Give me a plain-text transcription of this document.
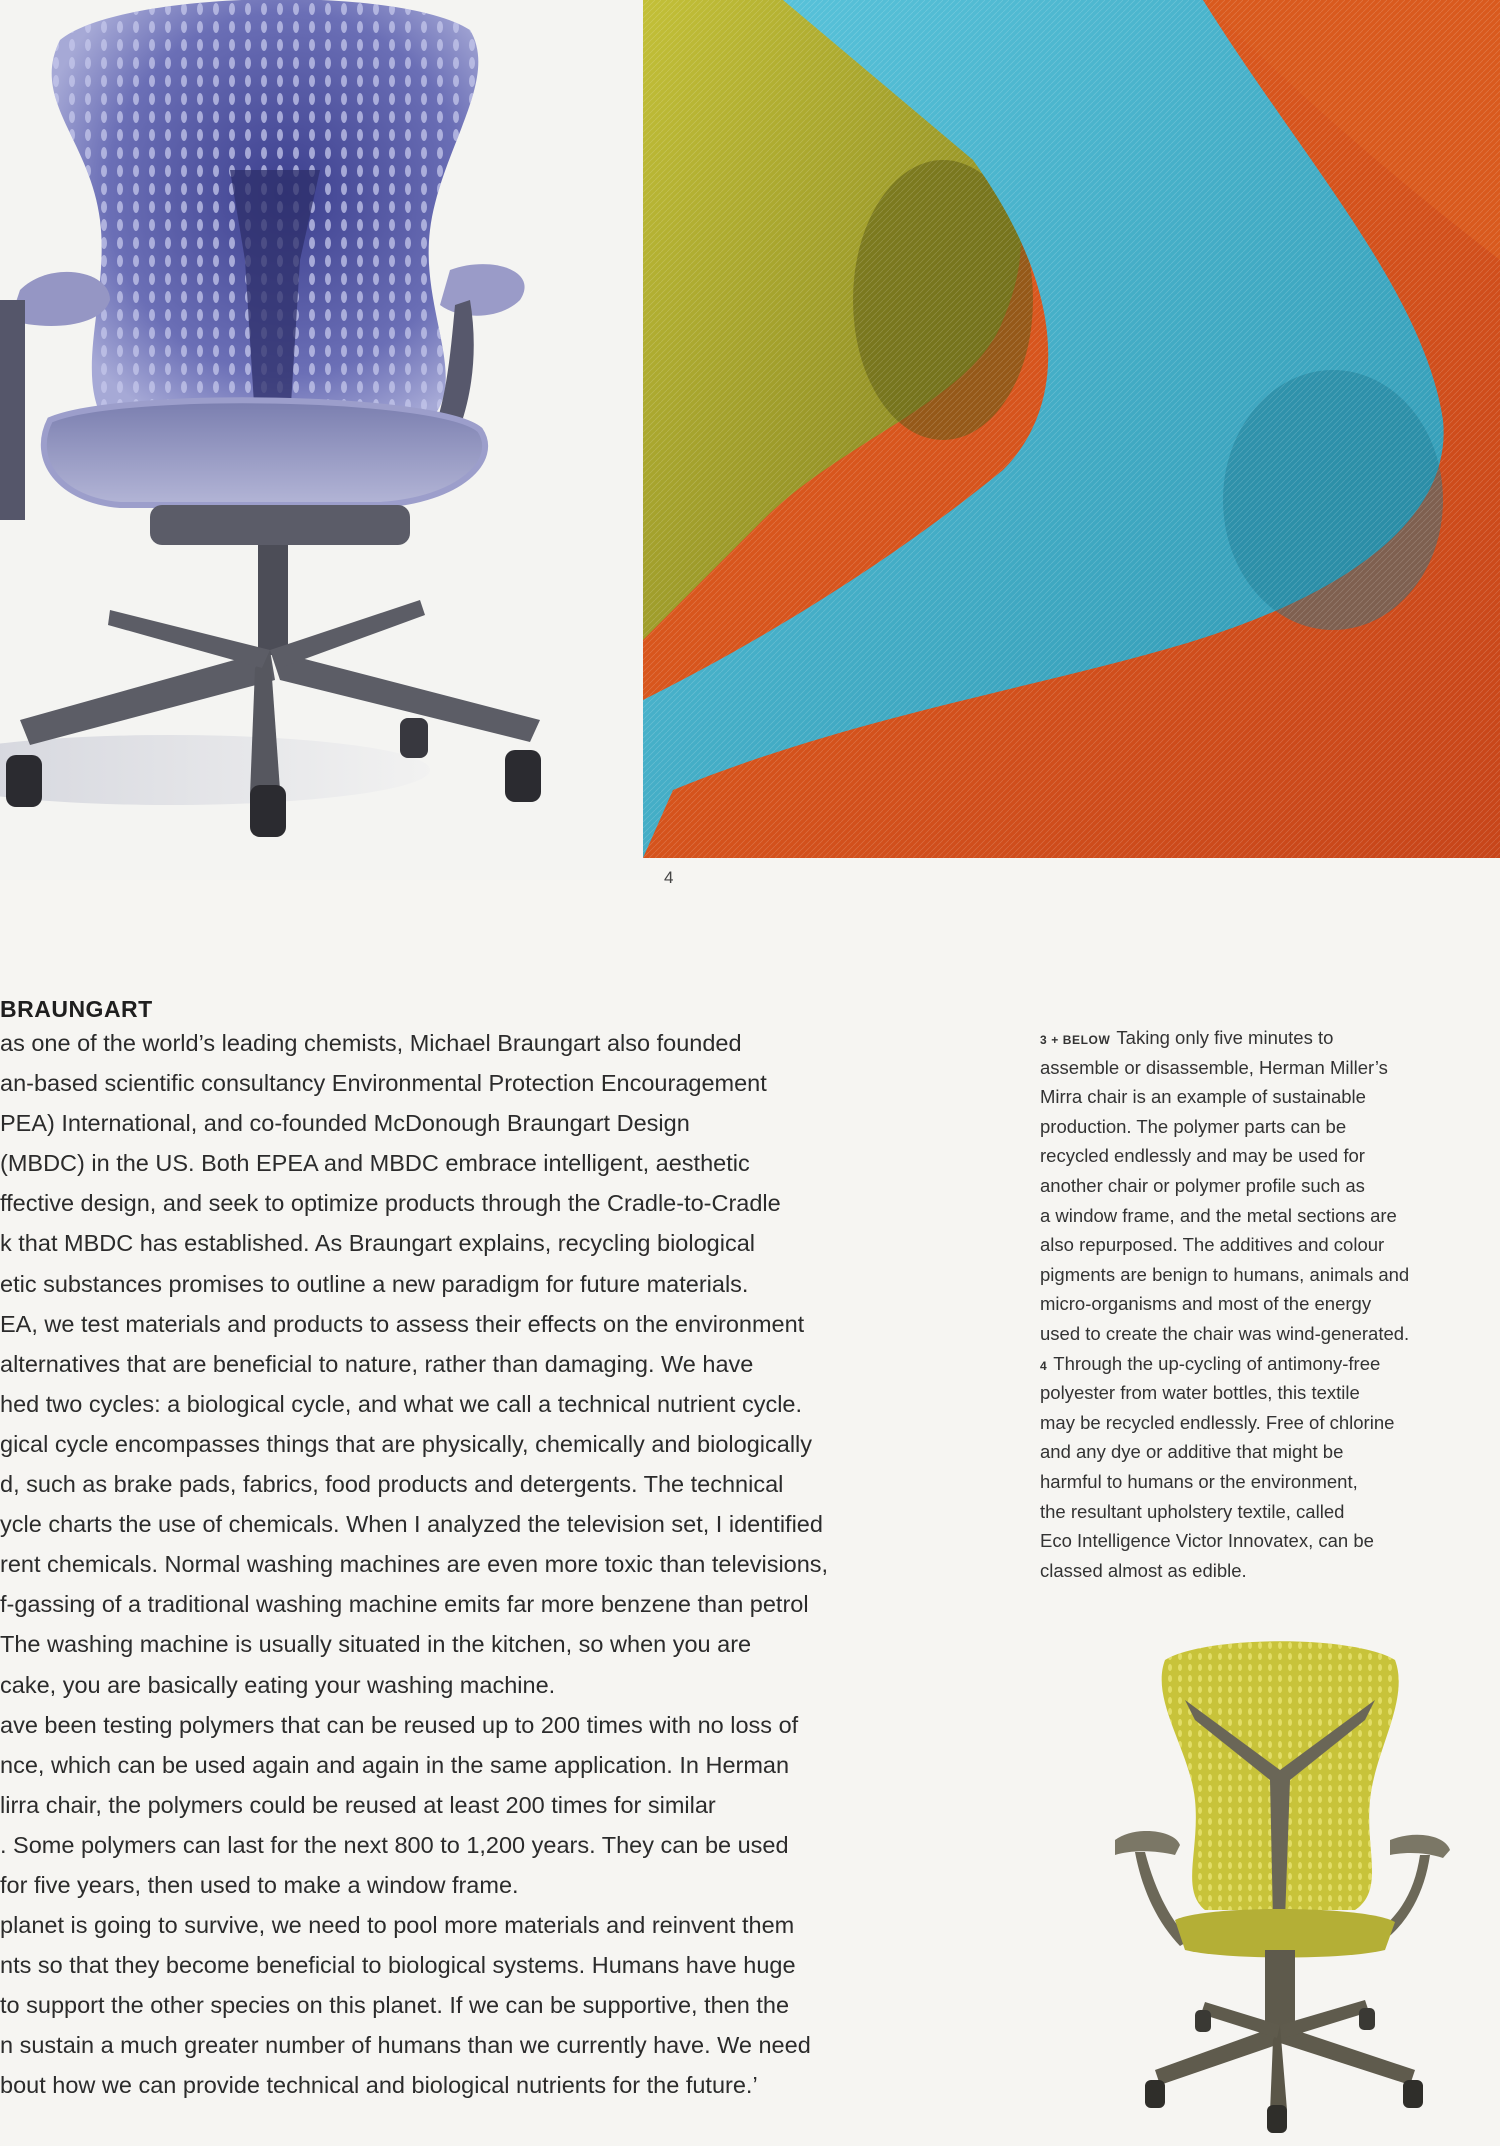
4
BRAUNGART
as one of the world’s leading chemists, Michael Braungart also founded
an-based scientific consultancy Environmental Protection Encouragement
PEA) International, and co-founded McDonough Braungart Design
(MBDC) in the US. Both EPEA and MBDC embrace intelligent, aesthetic
ffective design, and seek to optimize products through the Cradle-to-Cradle
k that MBDC has established. As Braungart explains, recycling biological
etic substances promises to outline a new paradigm for future materials.
EA, we test materials and products to assess their effects on the environment
alternatives that are beneficial to nature, rather than damaging. We have
hed two cycles: a biological cycle, and what we call a technical nutrient cycle.
gical cycle encompasses things that are physically, chemically and biologically
d, such as brake pads, fabrics, food products and detergents. The technical
ycle charts the use of chemicals. When I analyzed the television set, I identified
rent chemicals. Normal washing machines are even more toxic than televisions,
f-gassing of a traditional washing machine emits far more benzene than petrol
The washing machine is usually situated in the kitchen, so when you are
cake, you are basically eating your washing machine.
ave been testing polymers that can be reused up to 200 times with no loss of
nce, which can be used again and again in the same application. In Herman
lirra chair, the polymers could be reused at least 200 times for similar
. Some polymers can last for the next 800 to 1,200 years. They can be used
for five years, then used to make a window frame.
planet is going to survive, we need to pool more materials and reinvent them
nts so that they become beneficial to biological systems. Humans have huge
to support the other species on this planet. If we can be supportive, then the
n sustain a much greater number of humans than we currently have. We need
bout how we can provide technical and biological nutrients for the future.’
3 + BELOW Taking only five minutes to
assemble or disassemble, Herman Miller’s
Mirra chair is an example of sustainable
production. The polymer parts can be
recycled endlessly and may be used for
another chair or polymer profile such as
a window frame, and the metal sections are
also repurposed. The additives and colour
pigments are benign to humans, animals and
micro-organisms and most of the energy
used to create the chair was wind-generated.
4 Through the up-cycling of antimony-free
polyester from water bottles, this textile
may be recycled endlessly. Free of chlorine
and any dye or additive that might be
harmful to humans or the environment,
the resultant upholstery textile, called
Eco Intelligence Victor Innovatex, can be
classed almost as edible.
